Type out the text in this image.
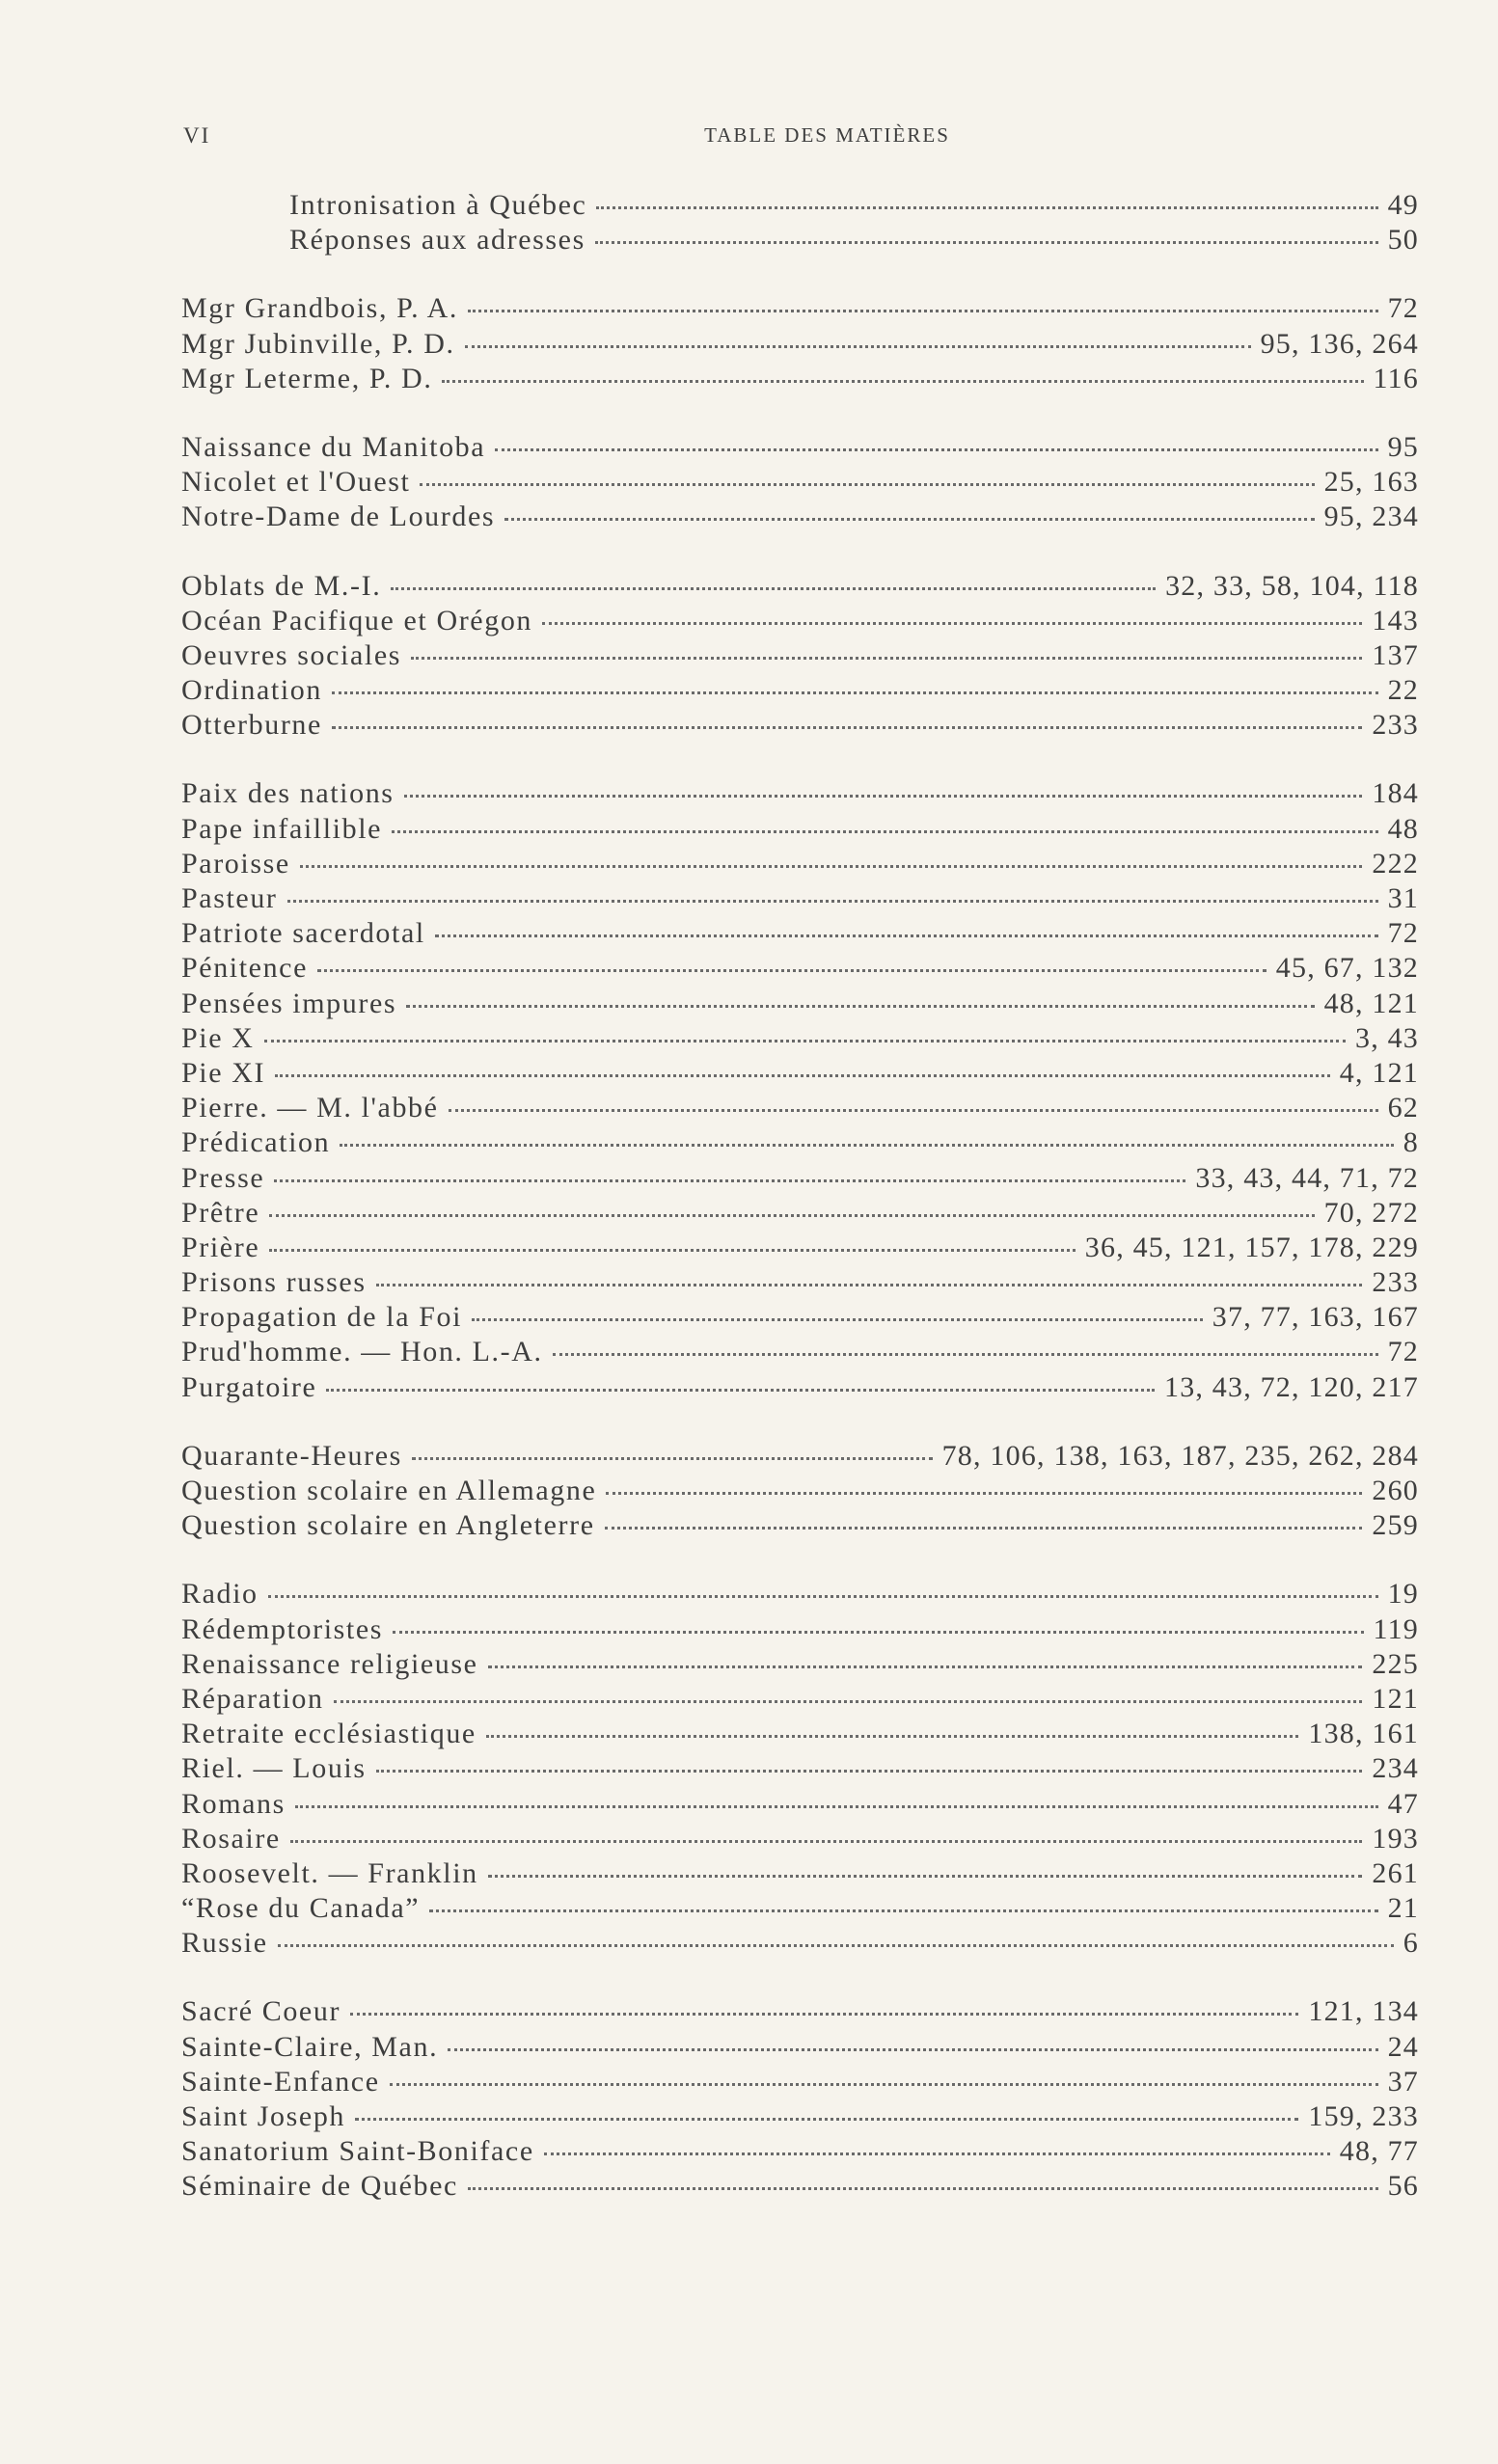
VI	TABLE DES MATIÈRES
Intronisation à Québec	49
Réponses aux adresses	50
Mgr Grandbois, P. A.	72
Mgr Jubinville, P. D.	95, 136, 264
Mgr Leterme, P. D.	116
Naissance du Manitoba	95
Nicolet et l'Ouest	25, 163
Notre-Dame de Lourdes	95, 234
Oblats de M.-I.	32, 33, 58, 104, 118
Océan Pacifique et Orégon	143
Oeuvres sociales	137
Ordination	22
Otterburne	233
Paix des nations	184
Pape infaillible	48
Paroisse	222
Pasteur	31
Patriote sacerdotal	72
Pénitence	45, 67, 132
Pensées impures	48, 121
Pie X	3, 43
Pie XI	4, 121
Pierre. — M. l'abbé	62
Prédication	8
Presse	33, 43, 44, 71, 72
Prêtre	70, 272
Prière	36, 45, 121, 157, 178, 229
Prisons russes	233
Propagation de la Foi	37, 77, 163, 167
Prud'homme. — Hon. L.-A.	72
Purgatoire	13, 43, 72, 120, 217
Quarante-Heures	78, 106, 138, 163, 187, 235, 262, 284
Question scolaire en Allemagne	260
Question scolaire en Angleterre	259
Radio	19
Rédemptoristes	119
Renaissance religieuse	225
Réparation	121
Retraite ecclésiastique	138, 161
Riel. — Louis	234
Romans	47
Rosaire	193
Roosevelt. — Franklin	261
“Rose du Canada”	21
Russie	6
Sacré Coeur	121, 134
Sainte-Claire, Man.	24
Sainte-Enfance	37
Saint Joseph	159, 233
Sanatorium Saint-Boniface	48, 77
Séminaire de Québec	56
